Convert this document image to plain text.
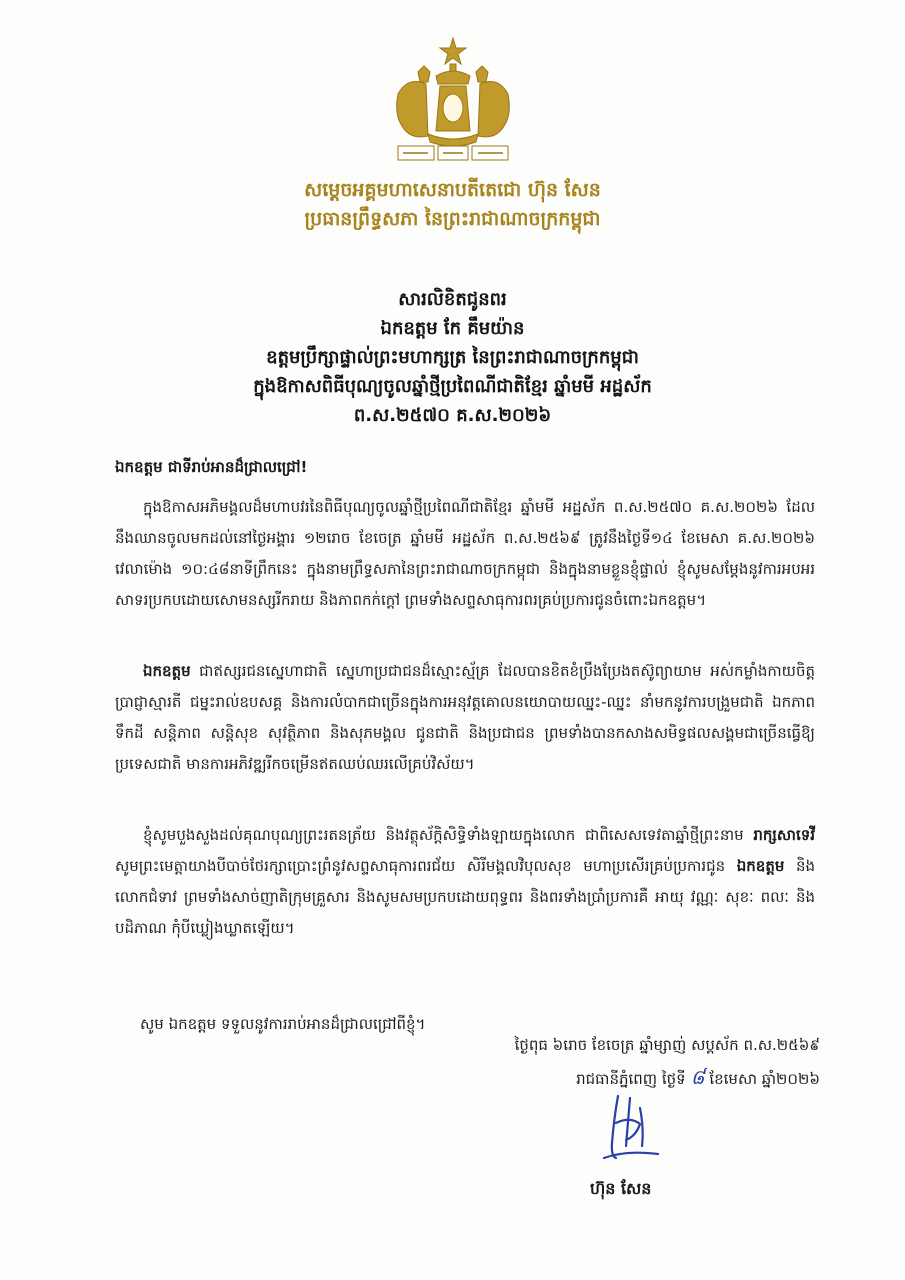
សម្ដេចអគ្គមហាសេនាបតីតេជោ ហ៊ុន សែន
ប្រធានព្រឹទ្ធសភា នៃព្រះរាជាណាចក្រកម្ពុជា
សារលិខិតជូនពរ
ឯកឧត្តម កែ គឹមយ៉ាន
ឧត្តមប្រឹក្សាផ្ទាល់ព្រះមហាក្សត្រ នៃព្រះរាជាណាចក្រកម្ពុជា
ក្នុងឱកាសពិធីបុណ្យចូលឆ្នាំថ្មីប្រពៃណីជាតិខ្មែរ ឆ្នាំមមី អដ្ឋស័ក
ព.ស.២៥៧០ គ.ស.២០២៦
ឯកឧត្តម ជាទីរាប់អានដ៏ជ្រាលជ្រៅ!
ក្នុងឱកាសអភិមង្គលដ៏មហាបវរនៃពិធីបុណ្យចូលឆ្នាំថ្មីប្រពៃណីជាតិខ្មែរ ឆ្នាំមមី អដ្ឋស័ក ព.ស.២៥៧០ គ.ស.២០២៦ ដែលនឹងឈានចូលមកដល់នៅថ្ងៃអង្គារ ១២រោច ខែចេត្រ ឆ្នាំមមី អដ្ឋស័ក ព.ស.២៥៦៩ ត្រូវនឹងថ្ងៃទី១៤ ខែមេសា គ.ស.២០២៦ វេលាម៉ោង ១០:៤៨នាទីព្រឹកនេះ ក្នុងនាមព្រឹទ្ធសភានៃព្រះរាជាណាចក្រកម្ពុជា និងក្នុងនាមខ្លួនខ្ញុំផ្ទាល់ ខ្ញុំសូមសម្ដែងនូវការអបអរសាទរប្រកបដោយសោមនស្សរីករាយ និងភាពកក់ក្ដៅ ព្រមទាំងសព្ទសាធុការពរគ្រប់ប្រការជូនចំពោះឯកឧត្តម។
ឯកឧត្តម ជាឥស្សរជនស្នេហាជាតិ ស្នេហាប្រជាជនដ៏ស្មោះស្ម័គ្រ ដែលបានខិតខំប្រឹងប្រែងតស៊ូព្យាយាម អស់កម្លាំងកាយចិត្ត ប្រាជ្ញាស្មារតី ជម្នះរាល់ឧបសគ្គ និងការលំបាកជាច្រើនក្នុងការអនុវត្តគោលនយោបាយឈ្នះ-ឈ្នះ នាំមកនូវការបង្រួមជាតិ ឯកភាពទឹកដី សន្តិភាព សន្តិសុខ សុវត្ថិភាព និងសុភមង្គល ជូនជាតិ និងប្រជាជន ព្រមទាំងបានកសាងសមិទ្ធផលសង្គមជាច្រើនធ្វើឱ្យប្រទេសជាតិ មានការអភិវឌ្ឍរីកចម្រើនឥតឈប់ឈរលើគ្រប់វិស័យ។
ខ្ញុំសូមបួងសួងដល់គុណបុណ្យព្រះរតនត្រ័យ និងវត្ថុស័ក្តិសិទ្ធិទាំងឡាយក្នុងលោក ជាពិសេសទេវតាឆ្នាំថ្មីព្រះនាម រាក្សសាទេវី សូមព្រះមេត្តាយាងបីបាច់ថែរក្សាប្រោះព្រំនូវសព្ទសាធុការពរជ័យ សិរីមង្គលវិបុលសុខ មហាប្រសើរគ្រប់ប្រការជូន ឯកឧត្តម និងលោកជំទាវ ព្រមទាំងសាច់ញាតិក្រុមគ្រួសារ និងសូមសមប្រកបដោយពុទ្ធពរ និងពរទាំងប្រាំប្រការគឺ អាយុ វណ្ណៈ សុខៈ ពលៈ និងបដិភាណ កុំបីឃ្លៀងឃ្លាតឡើយ។
សូម ឯកឧត្តម ទទួលនូវការរាប់អានដ៏ជ្រាលជ្រៅពីខ្ញុំ។
ថ្ងៃពុធ ៦រោច ខែចេត្រ ឆ្នាំម្សាញ់ សប្តស័ក ព.ស.២៥៦៩
រាជធានីភ្នំពេញ ថ្ងៃទី ៨ ខែមេសា ឆ្នាំ២០២៦
ហ៊ុន សែន
